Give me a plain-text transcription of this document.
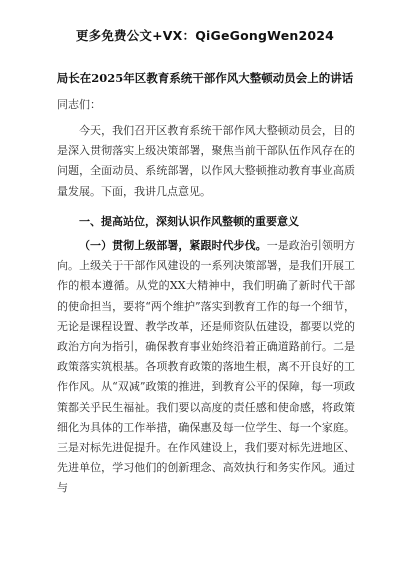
更多免费公文+VX：QiGeGongWen2024
局长在2025年区教育系统干部作风大整顿动员会上的讲话
同志们：
今天，我们召开区教育系统干部作风大整顿动员会，目的是深入贯彻落实上级决策部署，聚焦当前干部队伍作风存在的问题，全面动员、系统部署，以作风大整顿推动教育事业高质量发展。下面，我讲几点意见。
一、提高站位，深刻认识作风整顿的重要意义
（一）贯彻上级部署，紧跟时代步伐。一是政治引领明方向。上级关于干部作风建设的一系列决策部署，是我们开展工作的根本遵循。从党的XX大精神中，我们明确了新时代干部的使命担当，要将“两个维护”落实到教育工作的每一个细节，无论是课程设置、教学改革，还是师资队伍建设，都要以党的政治方向为指引，确保教育事业始终沿着正确道路前行。二是政策落实筑根基。各项教育政策的落地生根，离不开良好的工作作风。从“双减”政策的推进，到教育公平的保障，每一项政策都关乎民生福祉。我们要以高度的责任感和使命感，将政策细化为具体的工作举措，确保惠及每一位学生、每一个家庭。三是对标先进促提升。在作风建设上，我们要对标先进地区、先进单位，学习他们的创新理念、高效执行和务实作风。通过与
